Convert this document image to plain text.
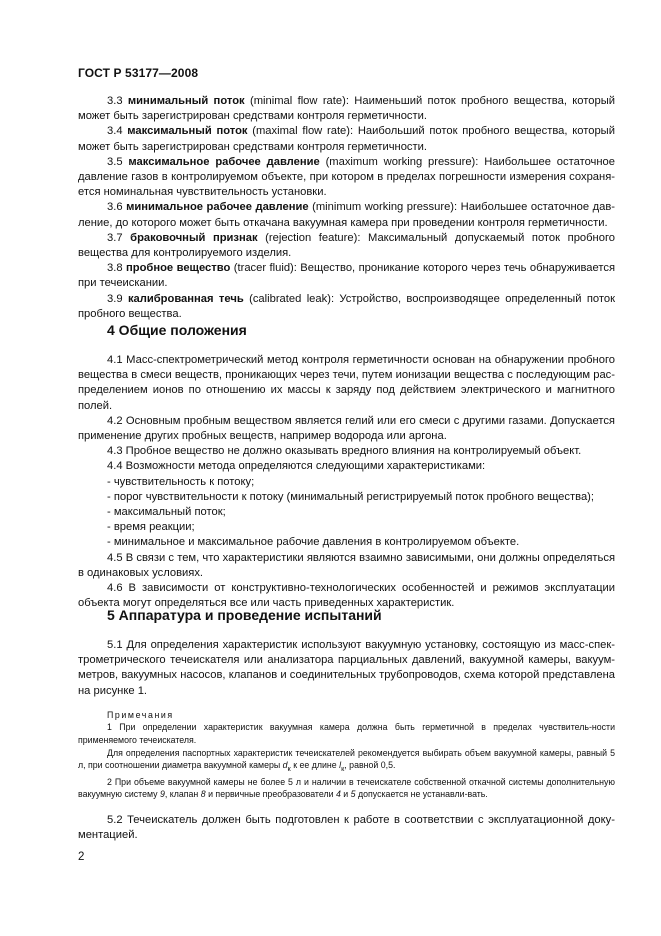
ГОСТ Р 53177—2008

3.3 минимальный поток (minimal flow rate): Наименьший поток пробного вещества, который может быть зарегистрирован средствами контроля герметичности.

3.4 максимальный поток (maximal flow rate): Наибольший поток пробного вещества, который может быть зарегистрирован средствами контроля герметичности.

3.5 максимальное рабочее давление (maximum working pressure): Наибольшее остаточное давление газов в контролируемом объекте, при котором в пределах погрешности измерения сохраня-ется номинальная чувствительность установки.

3.6 минимальное рабочее давление (minimum working pressure): Наибольшее остаточное дав-ление, до которого может быть откачана вакуумная камера при проведении контроля герметичности.

3.7 браковочный признак (rejection feature): Максимальный допускаемый поток пробного вещества для контролируемого изделия.

3.8 пробное вещество (tracer fluid): Вещество, проникание которого через течь обнаруживается при течеискании.

3.9 калиброванная течь (calibrated leak): Устройство, воспроизводящее определенный поток пробного вещества.

4 Общие положения

4.1 Масс-спектрометрический метод контроля герметичности основан на обнаружении пробного вещества в смеси веществ, проникающих через течи, путем ионизации вещества с последующим рас-пределением ионов по отношению их массы к заряду под действием электрического и магнитного полей.

4.2 Основным пробным веществом является гелий или его смеси с другими газами. Допускается применение других пробных веществ, например водорода или аргона.

4.3 Пробное вещество не должно оказывать вредного влияния на контролируемый объект.

4.4 Возможности метода определяются следующими характеристиками:

- чувствительность к потоку;

- порог чувствительности к потоку (минимальный регистрируемый поток пробного вещества);

- максимальный поток;

- время реакции;

- минимальное и максимальное рабочие давления в контролируемом объекте.

4.5 В связи с тем, что характеристики являются взаимно зависимыми, они должны определяться в одинаковых условиях.

4.6 В зависимости от конструктивно-технологических особенностей и режимов эксплуатации объекта могут определяться все или часть приведенных характеристик.

5 Аппаратура и проведение испытаний

5.1 Для определения характеристик используют вакуумную установку, состоящую из масс-спек-трометрического течеискателя или анализатора парциальных давлений, вакуумной камеры, вакуум-метров, вакуумных насосов, клапанов и соединительных трубопроводов, схема которой представлена на рисунке 1.

Примечания

1 При определении характеристик вакуумная камера должна быть герметичной в пределах чувствитель-ности применяемого течеискателя.

Для определения паспортных характеристик течеискателей рекомендуется выбирать объем вакуумной камеры, равный 5 л, при соотношении диаметра вакуумной камеры $d_к$ к ее длине $l_к$, равной 0,5.

2 При объеме вакуумной камеры не более 5 л и наличии в течеискателе собственной откачной системы дополнительную вакуумную систему 9, клапан 8 и первичные преобразователи 4 и 5 допускается не устанавли-вать.

5.2 Течеискатель должен быть подготовлен к работе в соответствии с эксплуатационной доку-ментацией.

2
